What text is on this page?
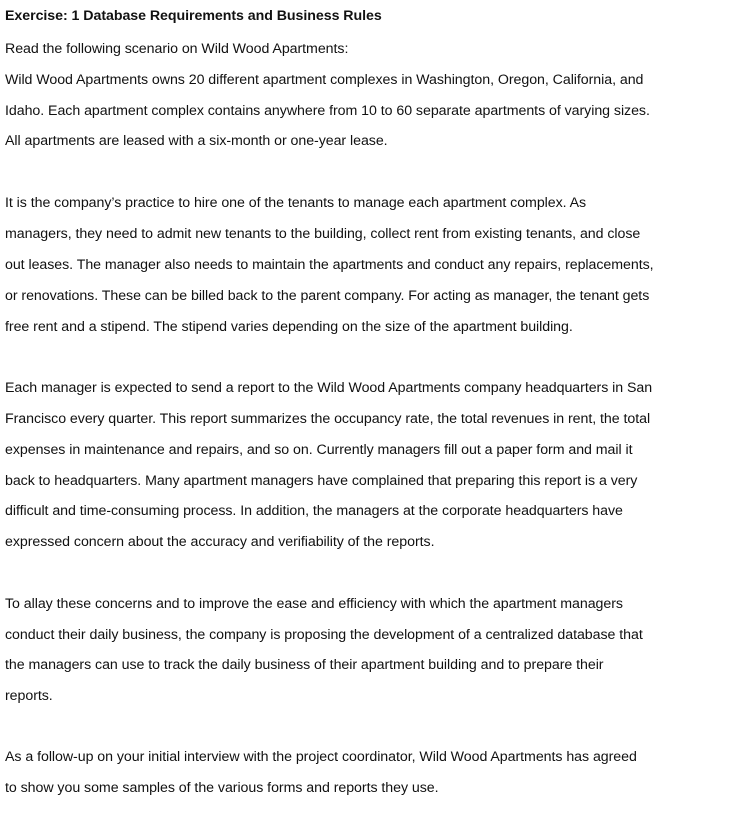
Exercise: 1 Database Requirements and Business Rules

Read the following scenario on Wild Wood Apartments:

Wild Wood Apartments owns 20 different apartment complexes in Washington, Oregon, California, and

Idaho. Each apartment complex contains anywhere from 10 to 60 separate apartments of varying sizes.

All apartments are leased with a six-month or one-year lease.

It is the company’s practice to hire one of the tenants to manage each apartment complex. As

managers, they need to admit new tenants to the building, collect rent from existing tenants, and close

out leases. The manager also needs to maintain the apartments and conduct any repairs, replacements,

or renovations. These can be billed back to the parent company. For acting as manager, the tenant gets

free rent and a stipend. The stipend varies depending on the size of the apartment building.

Each manager is expected to send a report to the Wild Wood Apartments company headquarters in San

Francisco every quarter. This report summarizes the occupancy rate, the total revenues in rent, the total

expenses in maintenance and repairs, and so on. Currently managers fill out a paper form and mail it

back to headquarters. Many apartment managers have complained that preparing this report is a very

difficult and time-consuming process. In addition, the managers at the corporate headquarters have

expressed concern about the accuracy and verifiability of the reports.

To allay these concerns and to improve the ease and efficiency with which the apartment managers

conduct their daily business, the company is proposing the development of a centralized database that

the managers can use to track the daily business of their apartment building and to prepare their

reports.

As a follow-up on your initial interview with the project coordinator, Wild Wood Apartments has agreed

to show you some samples of the various forms and reports they use.
